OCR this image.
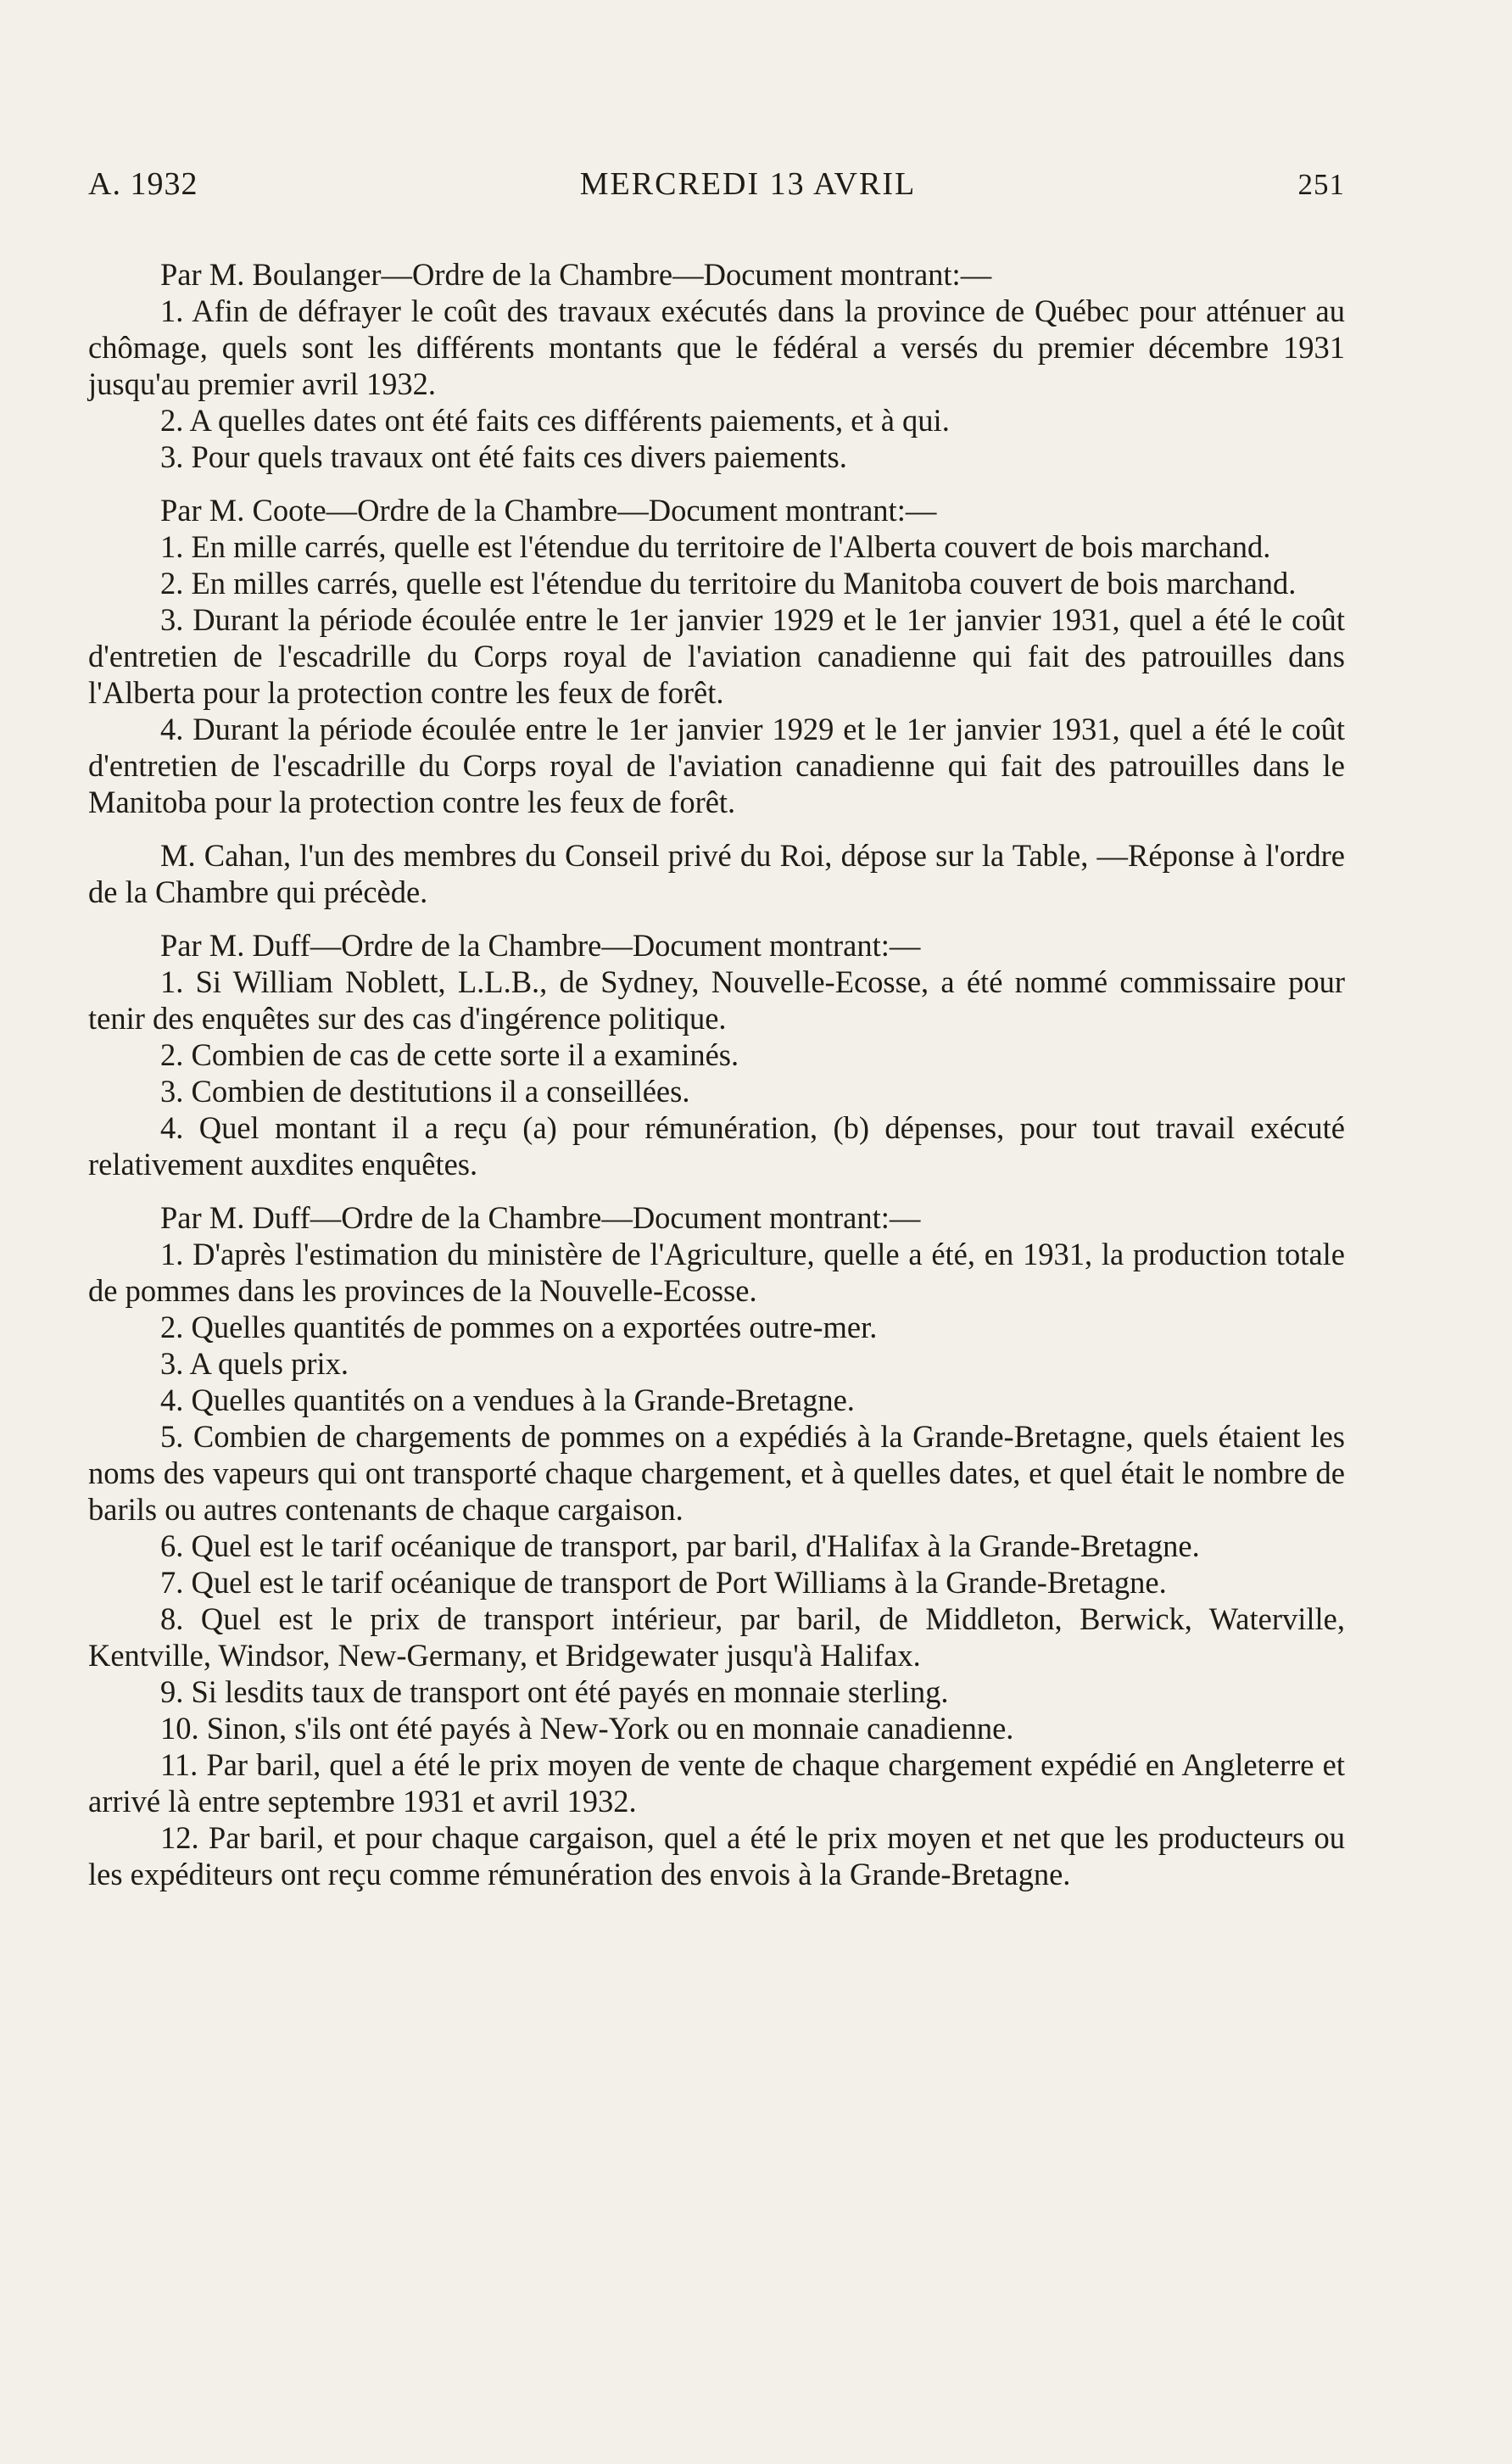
A. 1932	MERCREDI 13 AVRIL	251

Par M. Boulanger—Ordre de la Chambre—Document montrant:—

1. Afin de défrayer le coût des travaux exécutés dans la province de Québec pour atténuer au chômage, quels sont les différents montants que le fédéral a versés du premier décembre 1931 jusqu'au premier avril 1932.

2. A quelles dates ont été faits ces différents paiements, et à qui.

3. Pour quels travaux ont été faits ces divers paiements.

Par M. Coote—Ordre de la Chambre—Document montrant:—

1. En mille carrés, quelle est l'étendue du territoire de l'Alberta couvert de bois marchand.

2. En milles carrés, quelle est l'étendue du territoire du Manitoba couvert de bois marchand.

3. Durant la période écoulée entre le 1er janvier 1929 et le 1er janvier 1931, quel a été le coût d'entretien de l'escadrille du Corps royal de l'aviation canadienne qui fait des patrouilles dans l'Alberta pour la protection contre les feux de forêt.

4. Durant la période écoulée entre le 1er janvier 1929 et le 1er janvier 1931, quel a été le coût d'entretien de l'escadrille du Corps royal de l'aviation canadienne qui fait des patrouilles dans le Manitoba pour la protection contre les feux de forêt.

M. Cahan, l'un des membres du Conseil privé du Roi, dépose sur la Table, —Réponse à l'ordre de la Chambre qui précède.

Par M. Duff—Ordre de la Chambre—Document montrant:—

1. Si William Noblett, L.L.B., de Sydney, Nouvelle-Ecosse, a été nommé commissaire pour tenir des enquêtes sur des cas d'ingérence politique.

2. Combien de cas de cette sorte il a examinés.

3. Combien de destitutions il a conseillées.

4. Quel montant il a reçu (a) pour rémunération, (b) dépenses, pour tout travail exécuté relativement auxdites enquêtes.

Par M. Duff—Ordre de la Chambre—Document montrant:—

1. D'après l'estimation du ministère de l'Agriculture, quelle a été, en 1931, la production totale de pommes dans les provinces de la Nouvelle-Ecosse.

2. Quelles quantités de pommes on a exportées outre-mer.

3. A quels prix.

4. Quelles quantités on a vendues à la Grande-Bretagne.

5. Combien de chargements de pommes on a expédiés à la Grande-Bretagne, quels étaient les noms des vapeurs qui ont transporté chaque chargement, et à quelles dates, et quel était le nombre de barils ou autres contenants de chaque cargaison.

6. Quel est le tarif océanique de transport, par baril, d'Halifax à la Grande-Bretagne.

7. Quel est le tarif océanique de transport de Port Williams à la Grande-Bretagne.

8. Quel est le prix de transport intérieur, par baril, de Middleton, Berwick, Waterville, Kentville, Windsor, New-Germany, et Bridgewater jusqu'à Halifax.

9. Si lesdits taux de transport ont été payés en monnaie sterling.

10. Sinon, s'ils ont été payés à New-York ou en monnaie canadienne.

11. Par baril, quel a été le prix moyen de vente de chaque chargement expédié en Angleterre et arrivé là entre septembre 1931 et avril 1932.

12. Par baril, et pour chaque cargaison, quel a été le prix moyen et net que les producteurs ou les expéditeurs ont reçu comme rémunération des envois à la Grande-Bretagne.
